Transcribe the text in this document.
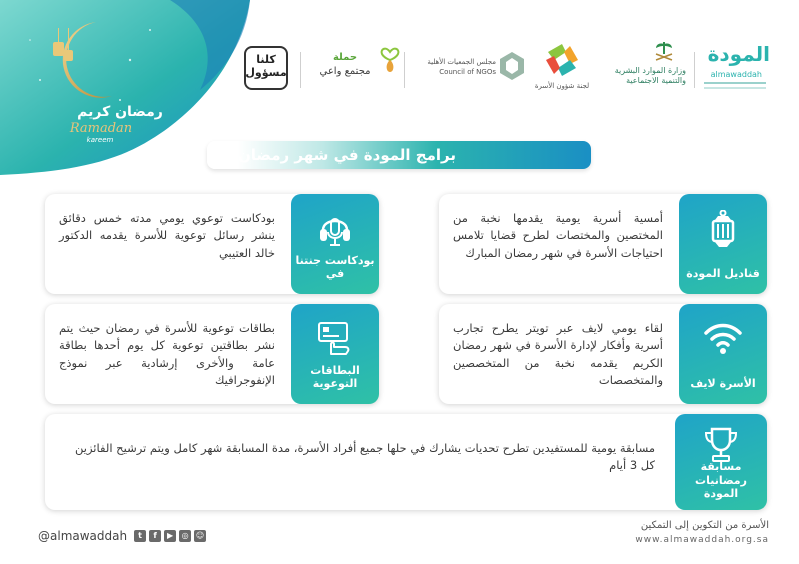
رمضان كريم
Ramadan
kareem
كلنا مسؤول
حملة
مجتمع واعي
مجلس الجمعيات الأهلية
Council of NGOs
لجنة شؤون الأسرة
وزارة الموارد البشرية
والتنمية الاجتماعية
المودة
almawaddah
برامج المودة في شهر رمضان
قناديل المودة
أمسية أسرية يومية يقدمها نخبة من المختصين والمختصات لطرح قضايا تلامس احتياجات الأسرة في شهر رمضان المبارك
بودكاست جنتنا في
بودكاست توعوي يومي مدته خمس دقائق ينشر رسائل توعوية للأسرة يقدمه الدكتور خالد العتيبي
الأسرة لايف
لقاء يومي لايف عبر تويتر يطرح تجارب أسرية وأفكار لإدارة الأسرة في شهر رمضان الكريم يقدمه نخبة من المتخصصين والمتخصصات
البطاقات التوعوية
بطاقات توعوية للأسرة في رمضان حيث يتم نشر بطاقتين توعوية كل يوم أحدها بطاقة عامة والأخرى إرشادية عبر نموذج الإنفوجرافيك
مسابقة رمضانيات المودة
مسابقة يومية للمستفيدين تطرح تحديات يشارك في حلها جميع أفراد الأسرة، مدة المسابقة شهر كامل ويتم ترشيح الفائزين كل 3 أيام
@almawaddah	t	f	▶	◎ ☺
الأسرة من التكوين إلى التمكين
www.almawaddah.org.sa
